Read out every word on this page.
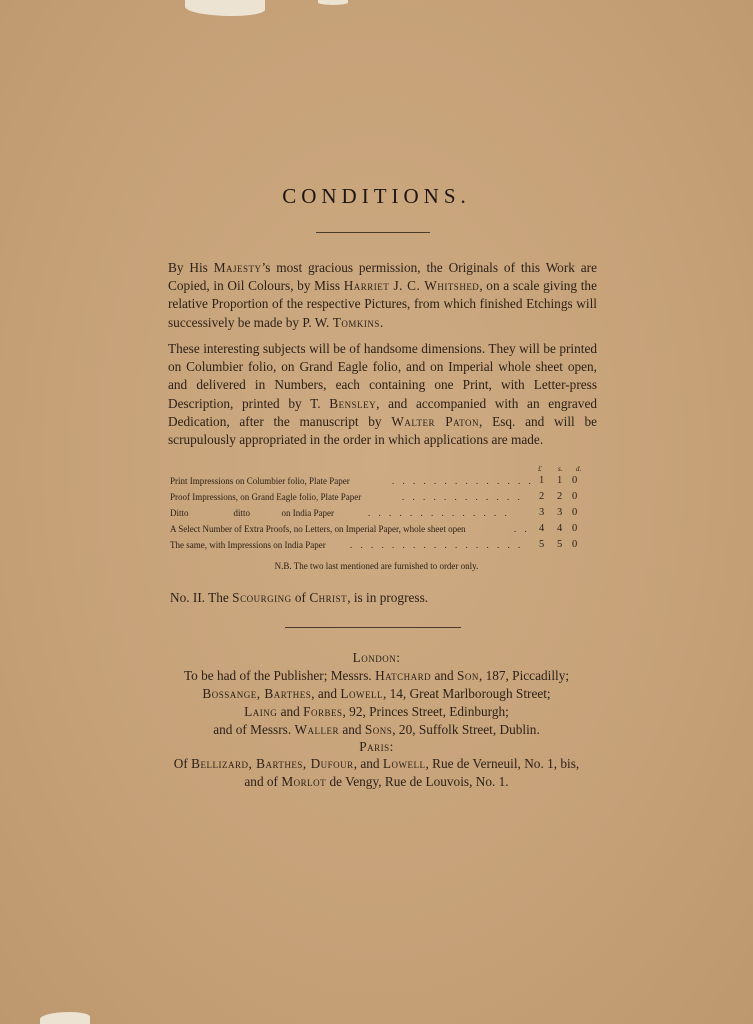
CONDITIONS.
By His Majesty’s most gracious permission, the Originals of this Work are Copied, in Oil Colours, by Miss Harriet J. C. Whitshed, on a scale giving the relative Proportion of the respective Pictures, from which finished Etchings will successively be made by P. W. Tomkins.
These interesting subjects will be of handsome dimensions. They will be printed on Columbier folio, on Grand Eagle folio, and on Imperial whole sheet open, and delivered in Numbers, each containing one Print, with Letter-press Description, printed by T. Bensley, and accompanied with an engraved Dedication, after the manuscript by Walter Paton, Esq. and will be scrupulously appropriated in the order in which applications are made.
£ s. d.
Print Impressions on Columbier folio, Plate Paper	. . . . . . . . . . . . . . 1 1 0
Proof Impressions, on Grand Eagle folio, Plate Paper	. . . . . . . . . . . .	2 2 0
Ditto                    ditto              on India Paper	. . . . . . . . . . . . . .	3 3 0
A Select Number of Extra Proofs, no Letters, on Imperial Paper, whole sheet open	. . 4 4 0
The same, with Impressions on India Paper	. . . . . . . . . . . . . . . . .	5 5 0
N.B. The two last mentioned are furnished to order only.
No. II. The Scourging of Christ, is in progress.
London:
To be had of the Publisher; Messrs. Hatchard and Son, 187, Piccadilly;
Bossange, Barthes, and Lowell, 14, Great Marlborough Street;
Laing and Forbes, 92, Princes Street, Edinburgh;
and of Messrs. Waller and Sons, 20, Suffolk Street, Dublin.
Paris:
Of Bellizard, Barthes, Dufour, and Lowell, Rue de Verneuil, No. 1, bis,
and of Morlot de Vengy, Rue de Louvois, No. 1.
